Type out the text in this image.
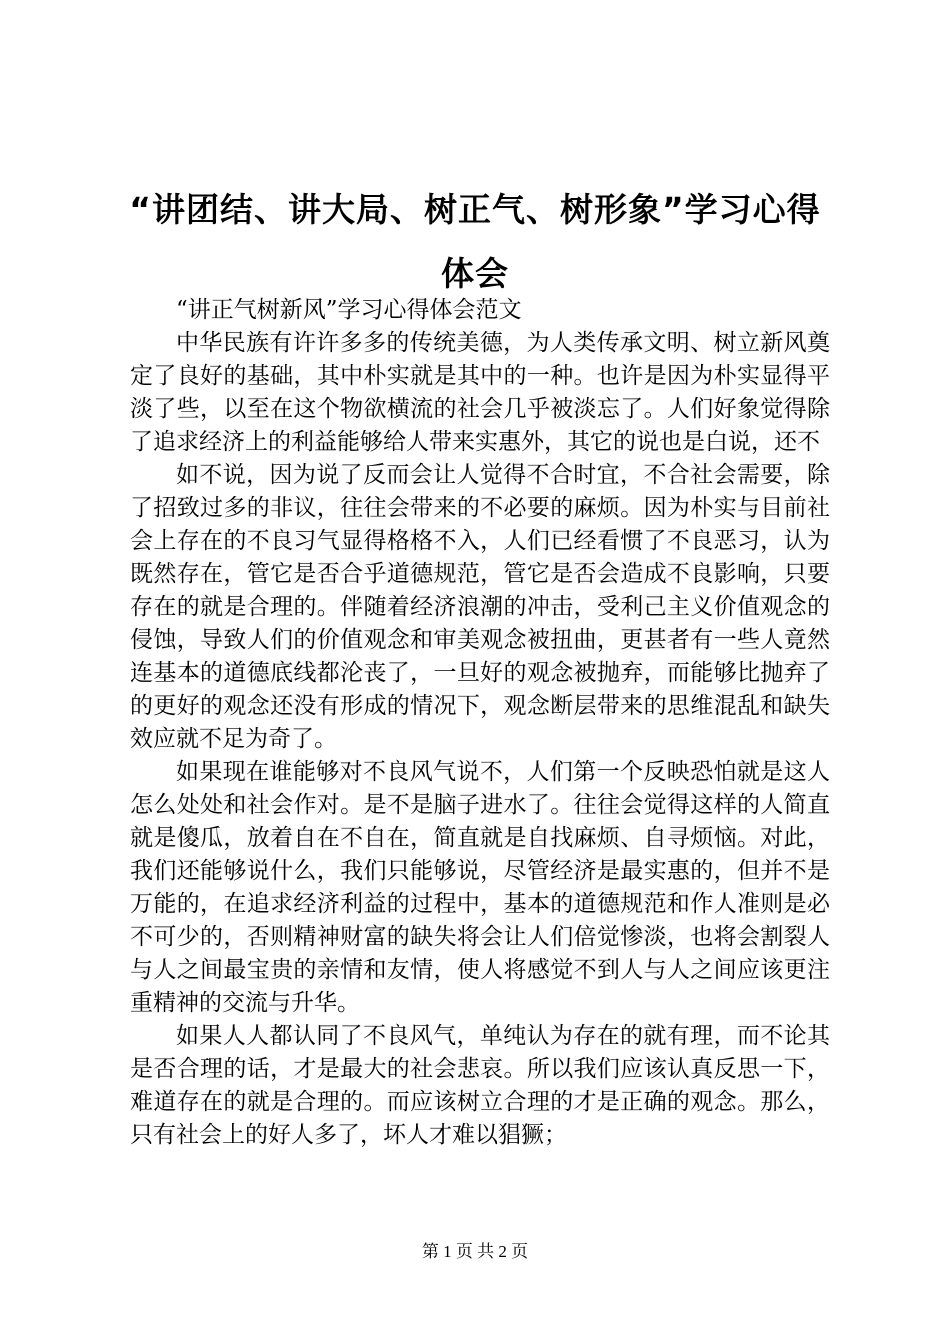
“讲团结、讲大局、树正气、树形象”学习心得体会

“讲正气树新风”学习心得体会范文

中华民族有许许多多的传统美德，为人类传承文明、树立新风奠定了良好的基础，其中朴实就是其中的一种。也许是因为朴实显得平淡了些，以至在这个物欲横流的社会几乎被淡忘了。人们好象觉得除了追求经济上的利益能够给人带来实惠外，其它的说也是白说，还不

如不说，因为说了反而会让人觉得不合时宜，不合社会需要，除了招致过多的非议，往往会带来的不必要的麻烦。因为朴实与目前社会上存在的不良习气显得格格不入，人们已经看惯了不良恶习，认为既然存在，管它是否合乎道德规范，管它是否会造成不良影响，只要存在的就是合理的。伴随着经济浪潮的冲击，受利己主义价值观念的侵蚀，导致人们的价值观念和审美观念被扭曲，更甚者有一些人竟然连基本的道德底线都沦丧了，一旦好的观念被抛弃，而能够比抛弃了的更好的观念还没有形成的情况下，观念断层带来的思维混乱和缺失效应就不足为奇了。

如果现在谁能够对不良风气说不，人们第一个反映恐怕就是这人怎么处处和社会作对。是不是脑子进水了。往往会觉得这样的人简直就是傻瓜，放着自在不自在，简直就是自找麻烦、自寻烦恼。对此，我们还能够说什么，我们只能够说，尽管经济是最实惠的，但并不是万能的，在追求经济利益的过程中，基本的道德规范和作人准则是必不可少的，否则精神财富的缺失将会让人们倍觉惨淡，也将会割裂人与人之间最宝贵的亲情和友情，使人将感觉不到人与人之间应该更注重精神的交流与升华。

如果人人都认同了不良风气，单纯认为存在的就有理，而不论其是否合理的话，才是最大的社会悲哀。所以我们应该认真反思一下，难道存在的就是合理的。而应该树立合理的才是正确的观念。那么，只有社会上的好人多了，坏人才难以猖獗；

第 1 页 共 2 页
